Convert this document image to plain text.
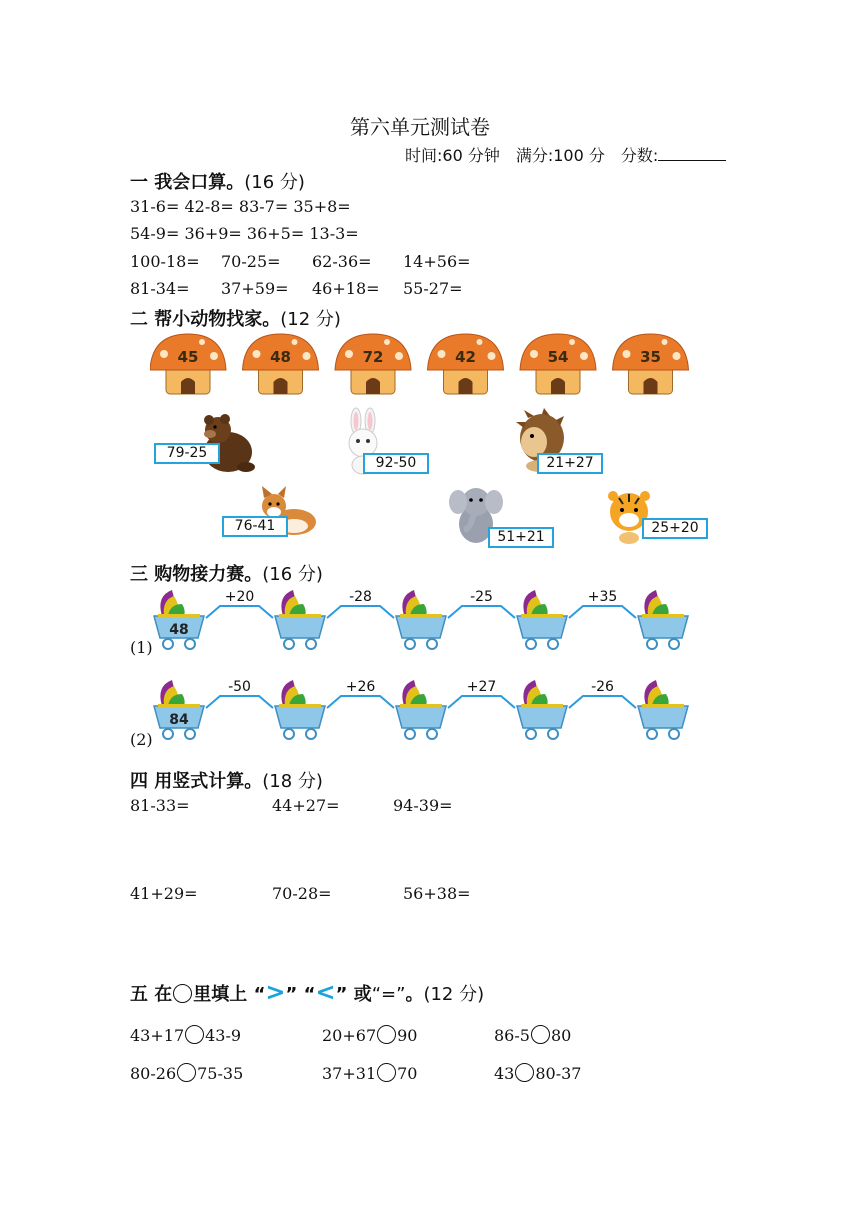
第六单元测试卷
时间:60 分钟　满分:100 分　分数:
一 我会口算。(16 分)
31-6= 42-8= 83-7= 35+8=
54-9= 36+9= 36+5= 13-3=
100-18= 70-25= 62-36= 14+56=
81-34= 37+59= 46+18= 55-27=
二 帮小动物找家。(12 分)
45	48	72	42	54	35
79-25
92-50	21+27
76-41
51+21
25+20
三 购物接力赛。(16 分)
48
+20	-28	-25	+35
(1)
84
-50	+26	+27	-26
(2)
四 用竖式计算。(18 分)
81-33=	44+27=	94-39=
41+29=	70-28=	56+38=
五 在 里填上 “>” “<” 或“=”。(12 分)
43+17 43-9	20+67 90	86-5 80
80-26 75-35	37+31 70	43 80-37
